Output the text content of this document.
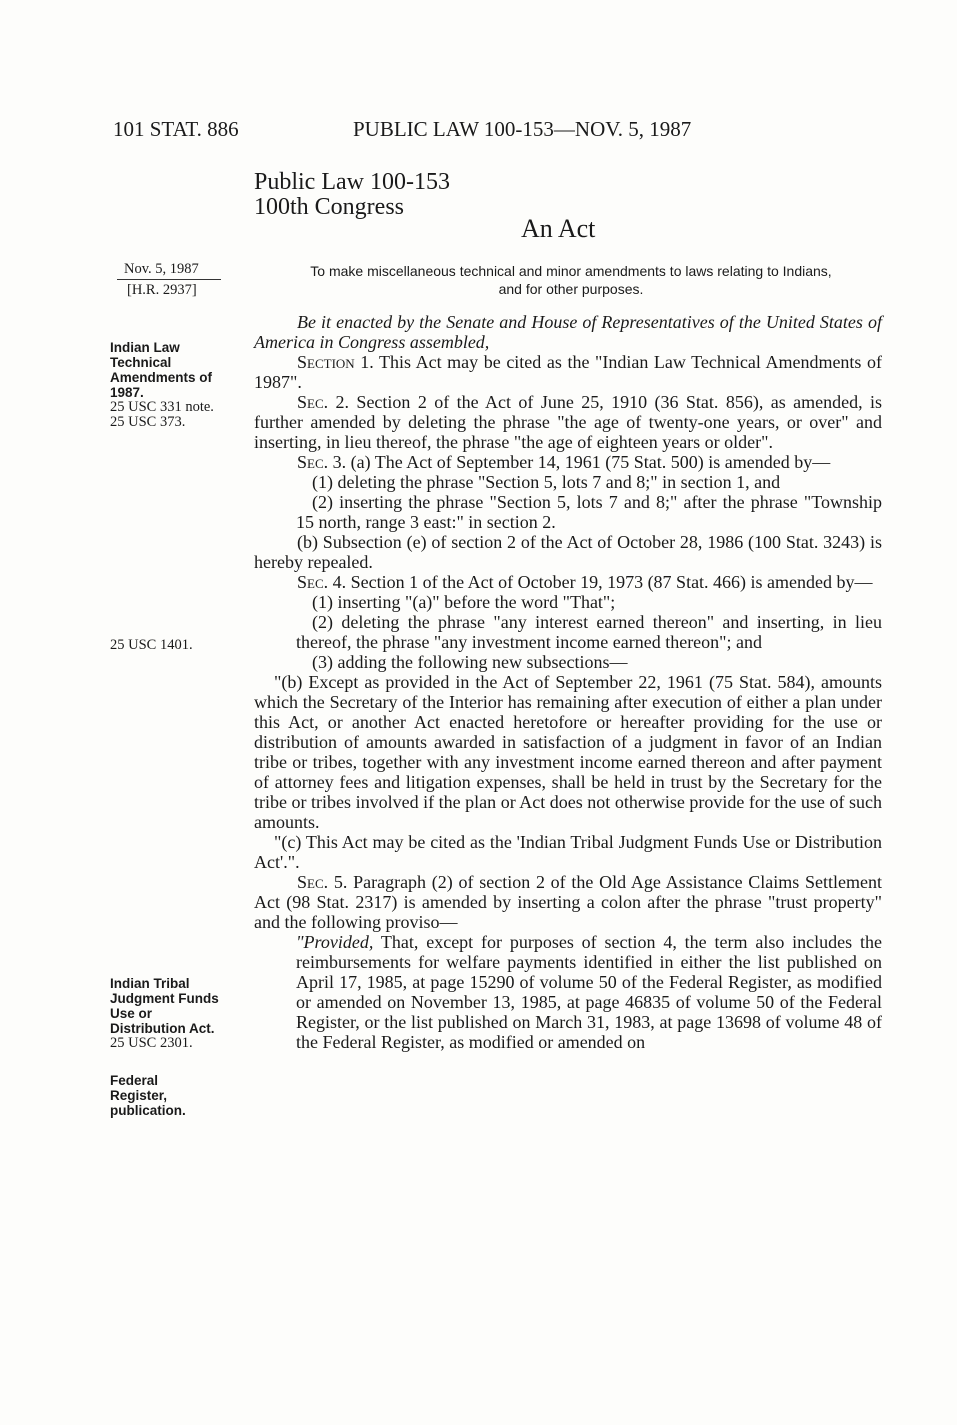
101 STAT. 886	PUBLIC LAW 100-153—NOV. 5, 1987
Public Law 100-153
100th Congress
An Act
Nov. 5, 1987
[H.R. 2937]
Indian Law
Technical
Amendments of
1987.
25 USC 331 note.
25 USC 373.
25 USC 1401.
Indian Tribal
Judgment Funds
Use or
Distribution Act.
25 USC 2301.
Federal
Register,
publication.
To make miscellaneous technical and minor amendments to laws relating to Indians,
and for other purposes.

Be it enacted by the Senate and House of Representatives of the United States of America in Congress assembled,

Section 1. This Act may be cited as the "Indian Law Technical Amendments of 1987".

Sec. 2. Section 2 of the Act of June 25, 1910 (36 Stat. 856), as amended, is further amended by deleting the phrase "the age of twenty-one years, or over" and inserting, in lieu thereof, the phrase "the age of eighteen years or older".

Sec. 3. (a) The Act of September 14, 1961 (75 Stat. 500) is amended by—

(1) deleting the phrase "Section 5, lots 7 and 8;" in section 1, and

(2) inserting the phrase "Section 5, lots 7 and 8;" after the phrase "Township 15 north, range 3 east:" in section 2.

(b) Subsection (e) of section 2 of the Act of October 28, 1986 (100 Stat. 3243) is hereby repealed.

Sec. 4. Section 1 of the Act of October 19, 1973 (87 Stat. 466) is amended by—

(1) inserting "(a)" before the word "That";

(2) deleting the phrase "any interest earned thereon" and inserting, in lieu thereof, the phrase "any investment income earned thereon"; and

(3) adding the following new subsections—

"(b) Except as provided in the Act of September 22, 1961 (75 Stat. 584), amounts which the Secretary of the Interior has remaining after execution of either a plan under this Act, or another Act enacted heretofore or hereafter providing for the use or distribution of amounts awarded in satisfaction of a judgment in favor of an Indian tribe or tribes, together with any investment income earned thereon and after payment of attorney fees and litigation expenses, shall be held in trust by the Secretary for the tribe or tribes involved if the plan or Act does not otherwise provide for the use of such amounts.

"(c) This Act may be cited as the 'Indian Tribal Judgment Funds Use or Distribution Act'.".

Sec. 5. Paragraph (2) of section 2 of the Old Age Assistance Claims Settlement Act (98 Stat. 2317) is amended by inserting a colon after the phrase "trust property" and the following proviso—

"Provided, That, except for purposes of section 4, the term also includes the reimbursements for welfare payments identified in either the list published on April 17, 1985, at page 15290 of volume 50 of the Federal Register, as modified or amended on November 13, 1985, at page 46835 of volume 50 of the Federal Register, or the list published on March 31, 1983, at page 13698 of volume 48 of the Federal Register, as modified or amended on
